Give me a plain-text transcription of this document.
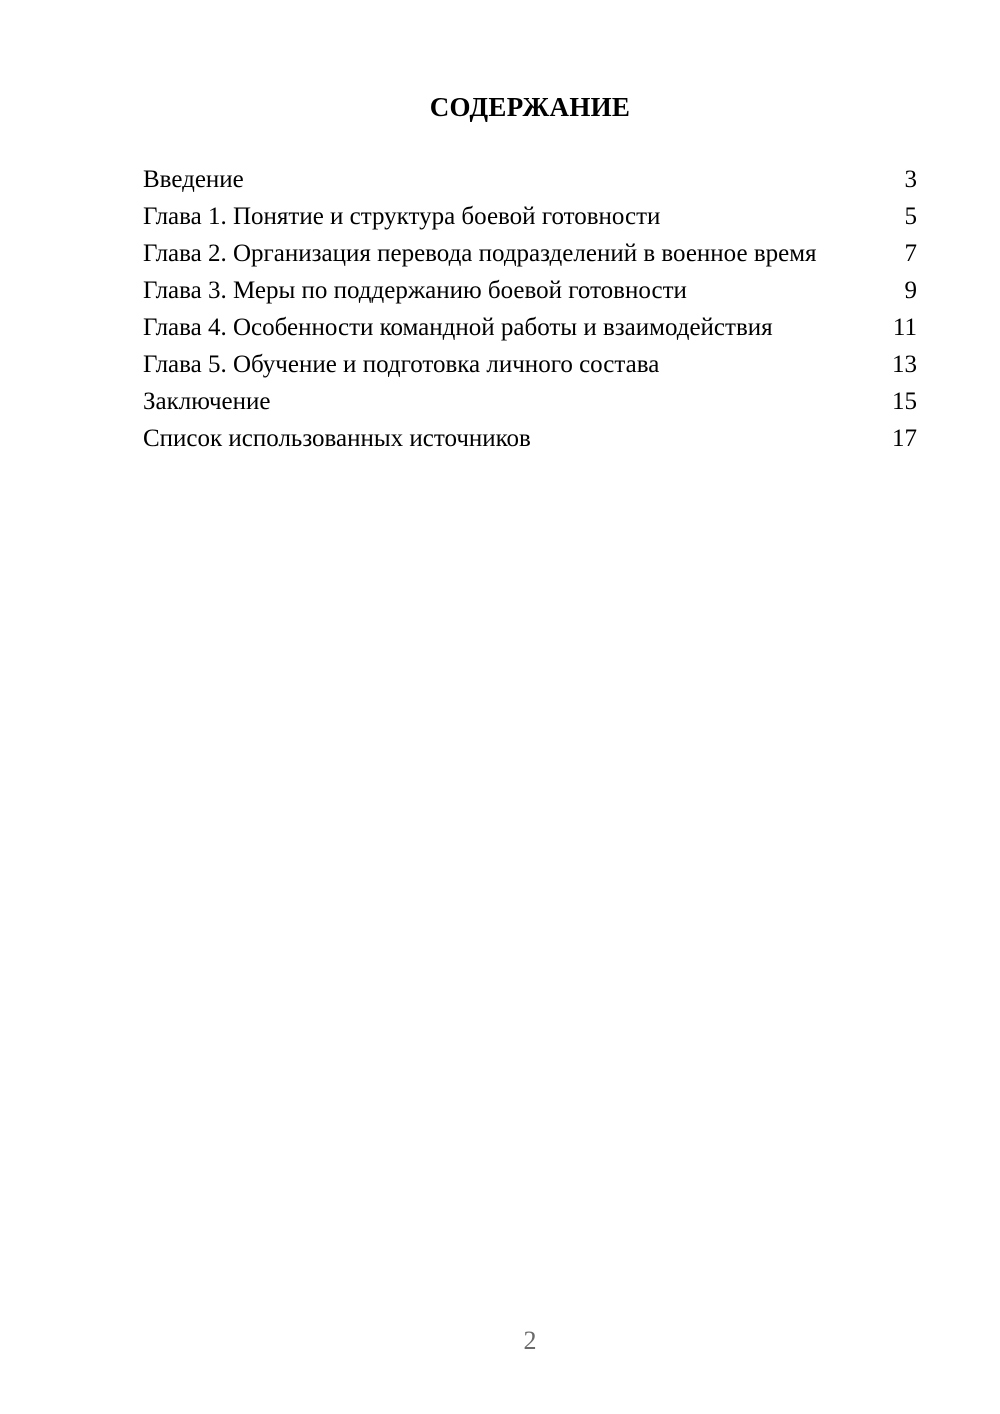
СОДЕРЖАНИЕ
Введение	3
Глава 1. Понятие и структура боевой готовности	5
Глава 2. Организация перевода подразделений в военное время	7
Глава 3. Меры по поддержанию боевой готовности	9
Глава 4. Особенности командной работы и взаимодействия	11
Глава 5. Обучение и подготовка личного состава	13
Заключение	15
Список использованных источников	17
2
